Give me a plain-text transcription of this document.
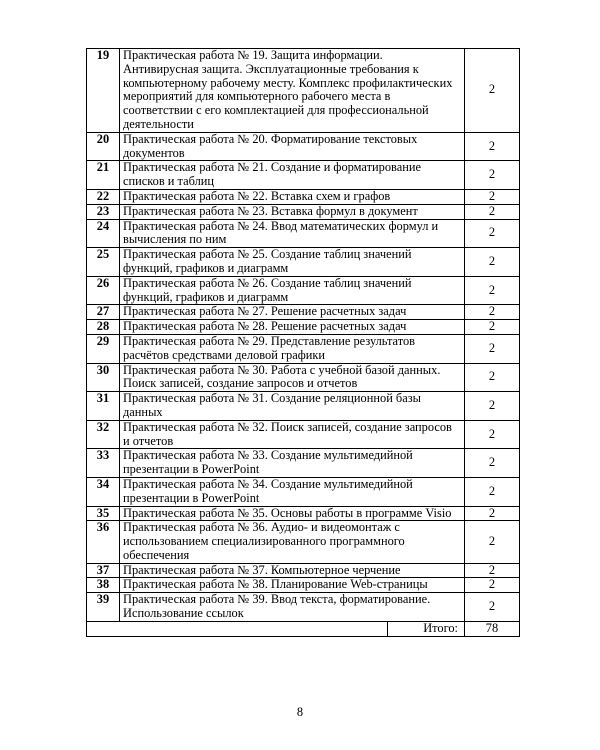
19	Практическая работа № 19. Защита информации. Антивирусная защита. Эксплуатационные требования к компьютерному рабочему месту. Комплекс профилактических мероприятий для компьютерного рабочего места в соответствии с его комплектацией для профессиональной деятельности	2
20	Практическая работа № 20. Форматирование текстовых документов	2
21	Практическая работа № 21. Создание и форматирование списков и таблиц	2
22	Практическая работа № 22. Вставка схем и графов	2
23	Практическая работа № 23. Вставка формул в документ	2
24	Практическая работа № 24. Ввод математических формул и вычисления по ним	2
25	Практическая работа № 25. Создание таблиц значений функций, графиков и диаграмм	2
26	Практическая работа № 26. Создание таблиц значений функций, графиков и диаграмм	2
27	Практическая работа № 27. Решение расчетных задач	2
28	Практическая работа № 28. Решение расчетных задач	2
29	Практическая работа № 29. Представление результатов расчётов средствами деловой графики	2
30	Практическая работа № 30. Работа с учебной базой данных. Поиск записей, создание запросов и отчетов	2
31	Практическая работа № 31. Создание реляционной базы данных	2
32	Практическая работа № 32. Поиск записей, создание запросов и отчетов	2
33	Практическая работа № 33. Создание мультимедийной презентации в PowerPoint	2
34	Практическая работа № 34. Создание мультимедийной презентации в PowerPoint	2
35	Практическая работа № 35. Основы работы в программе Visio	2
36	Практическая работа № 36. Аудио- и видеомонтаж с использованием специализированного программного обеспечения	2
37	Практическая работа № 37. Компьютерное черчение	2
38	Практическая работа № 38. Планирование Web-страницы	2
39	Практическая работа № 39. Ввод текста, форматирование. Использование ссылок	2

Итого:		78
8
